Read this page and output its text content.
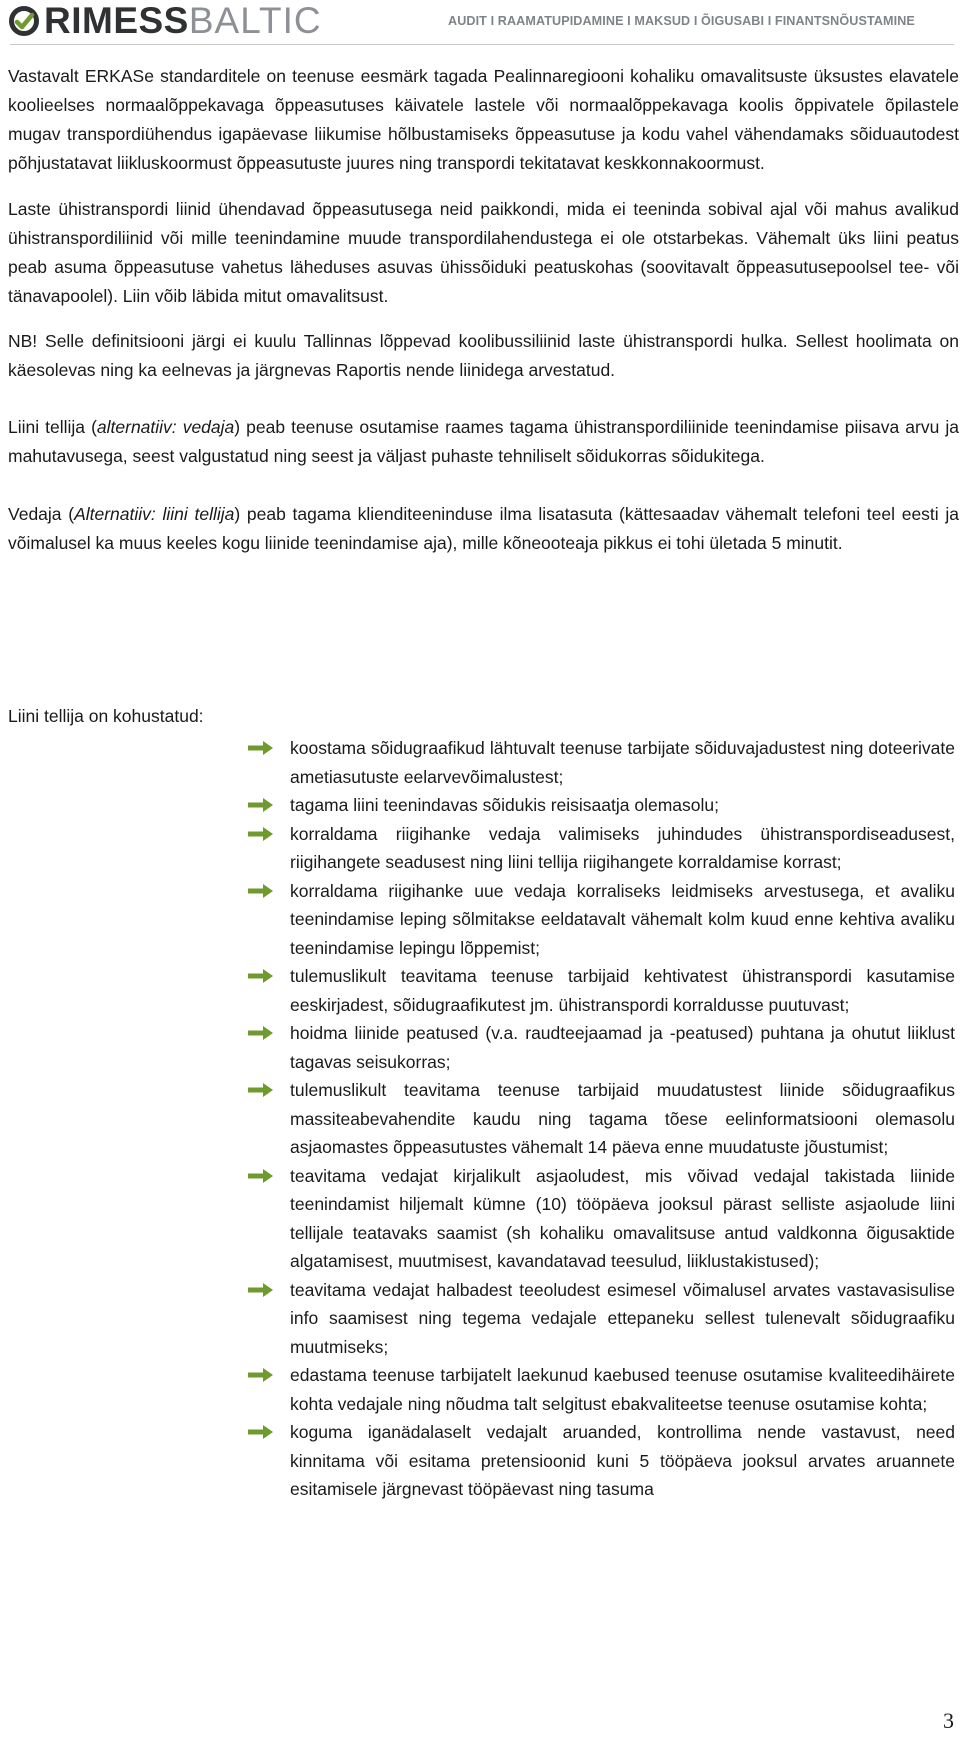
RIMESSBALTIC	AUDIT I RAAMATUPIDAMINE I MAKSUD I ÕIGUSABI I FINANTSNÕUSTAMINE

Vastavalt ERKASe standarditele on teenuse eesmärk tagada Pealinnaregiooni kohaliku omavalitsuste üksustes elavatele koolieelses normaalõppekavaga õppeasutuses käivatele lastele või normaalõppekavaga koolis õppivatele õpilastele mugav transpordiühendus igapäevase liikumise hõlbustamiseks õppeasutuse ja kodu vahel vähendamaks sõiduautodest põhjustatavat liikluskoormust õppeasutuste juures ning transpordi tekitatavat keskkonnakoormust.

Laste ühistranspordi liinid ühendavad õppeasutusega neid paikkondi, mida ei teeninda sobival ajal või mahus avalikud ühistranspordiliinid või mille teenindamine muude transpordilahendustega ei ole otstarbekas. Vähemalt üks liini peatus peab asuma õppeasutuse vahetus läheduses asuvas ühissõiduki peatuskohas (soovitavalt õppeasutusepoolsel tee- või tänavapoolel). Liin võib läbida mitut omavalitsust.

NB! Selle definitsiooni järgi ei kuulu Tallinnas lõppevad koolibussiliinid laste ühistranspordi hulka. Sellest hoolimata on käesolevas ning ka eelnevas ja järgnevas Raportis nende liinidega arvestatud.

Liini tellija (alternatiiv: vedaja) peab teenuse osutamise raames tagama ühistranspordiliinide teenindamise piisava arvu ja mahutavusega, seest valgustatud ning seest ja väljast puhaste tehniliselt sõidukorras sõidukitega.

Vedaja (Alternatiiv: liini tellija) peab tagama klienditeeninduse ilma lisatasuta (kättesaadav vähemalt telefoni teel eesti ja võimalusel ka muus keeles kogu liinide teenindamise aja), mille kõneooteaja pikkus ei tohi ületada 5 minutit.

Liini tellija on kohustatud:
koostama sõidugraafikud lähtuvalt teenuse tarbijate sõiduvajadustest ning doteerivate ametiasutuste eelarvevõimalustest;
tagama liini teenindavas sõidukis reisisaatja olemasolu;
korraldama riigihanke vedaja valimiseks juhindudes ühistranspordiseadusest, riigihangete seadusest ning liini tellija riigihangete korraldamise korrast;
korraldama riigihanke uue vedaja korraliseks leidmiseks arvestusega, et avaliku teenindamise leping sõlmitakse eeldatavalt vähemalt kolm kuud enne kehtiva avaliku teenindamise lepingu lõppemist;
tulemuslikult teavitama teenuse tarbijaid kehtivatest ühistranspordi kasutamise eeskirjadest, sõidugraafikutest jm. ühistranspordi korraldusse puutuvast;
hoidma liinide peatused (v.a. raudteejaamad ja -peatused) puhtana ja ohutut liiklust tagavas seisukorras;
tulemuslikult teavitama teenuse tarbijaid muudatustest liinide sõidugraafikus massiteabevahendite kaudu ning tagama tõese eelinformatsiooni olemasolu asjaomastes õppeasutustes vähemalt 14 päeva enne muudatuste jõustumist;
teavitama vedajat kirjalikult asjaoludest, mis võivad vedajal takistada liinide teenindamist hiljemalt kümne (10) tööpäeva jooksul pärast selliste asjaolude liini tellijale teatavaks saamist (sh kohaliku omavalitsuse antud valdkonna õigusaktide algatamisest, muutmisest, kavandatavad teesulud, liiklustakistused);
teavitama vedajat halbadest teeoludest esimesel võimalusel arvates vastavasisulise info saamisest ning tegema vedajale ettepaneku sellest tulenevalt sõidugraafiku muutmiseks;
edastama teenuse tarbijatelt laekunud kaebused teenuse osutamise kvaliteedihäirete kohta vedajale ning nõudma talt selgitust ebakvaliteetse teenuse osutamise kohta;
koguma iganädalaselt vedajalt aruanded, kontrollima nende vastavust, need kinnitama või esitama pretensioonid kuni 5 tööpäeva jooksul arvates aruannete esitamisele järgnevast tööpäevast ning tasuma
3
